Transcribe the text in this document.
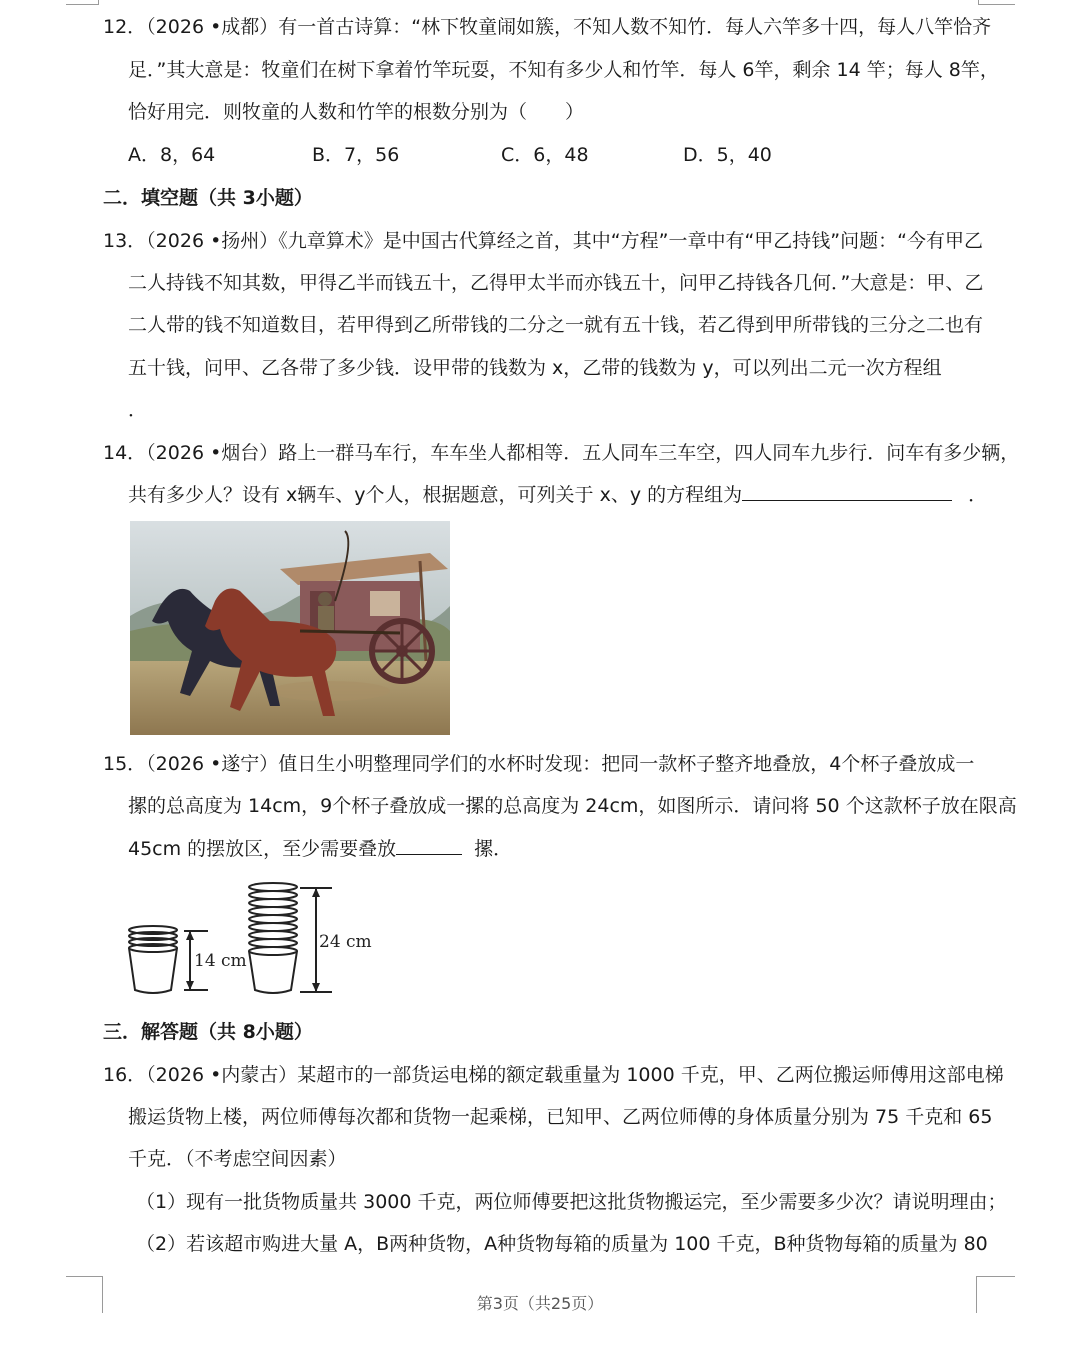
12．（2026 •成都）有一首古诗算：“林下牧童闹如簇，不知人数不知竹．每人六竿多十四，每人八竿恰齐
足．”其大意是：牧童们在树下拿着竹竿玩耍，不知有多少人和竹竿．每人 6竿，剩余 14 竿；每人 8竿，
恰好用完．则牧童的人数和竹竿的根数分别为（　　）
A．8，64	B．7，56	C．6，48	D．5，40
二．填空题（共 3小题）
13．（2026 •扬州）《九章算术》是中国古代算经之首，其中“方程”一章中有“甲乙持钱”问题：“今有甲乙
二人持钱不知其数，甲得乙半而钱五十，乙得甲太半而亦钱五十，问甲乙持钱各几何．”大意是：甲、乙
二人带的钱不知道数目，若甲得到乙所带钱的二分之一就有五十钱，若乙得到甲所带钱的三分之二也有
五十钱，问甲、乙各带了多少钱．设甲带的钱数为 x，乙带的钱数为 y，可以列出二元一次方程组
．
14．（2026 •烟台）路上一群马车行，车车坐人都相等．五人同车三车空，四人同车九步行．问车有多少辆，
共有多少人？设有 x辆车、y个人，根据题意，可列关于 x、y 的方程组为	．
15．（2026 •遂宁）值日生小明整理同学们的水杯时发现：把同一款杯子整齐地叠放，4个杯子叠放成一
摞的总高度为 14cm，9个杯子叠放成一摞的总高度为 24cm，如图所示．请问将 50 个这款杯子放在限高
45cm 的摆放区，至少需要叠放	摞．
14 cm
24 cm
三．解答题（共 8小题）
16．（2026 •内蒙古）某超市的一部货运电梯的额定载重量为 1000 千克，甲、乙两位搬运师傅用这部电梯
搬运货物上楼，两位师傅每次都和货物一起乘梯，已知甲、乙两位师傅的身体质量分别为 75 千克和 65
千克．（不考虑空间因素）
（1）现有一批货物质量共 3000 千克，两位师傅要把这批货物搬运完，至少需要多少次？请说明理由；
（2）若该超市购进大量 A，B两种货物，A种货物每箱的质量为 100 千克，B种货物每箱的质量为 80
第3页（共25页）
